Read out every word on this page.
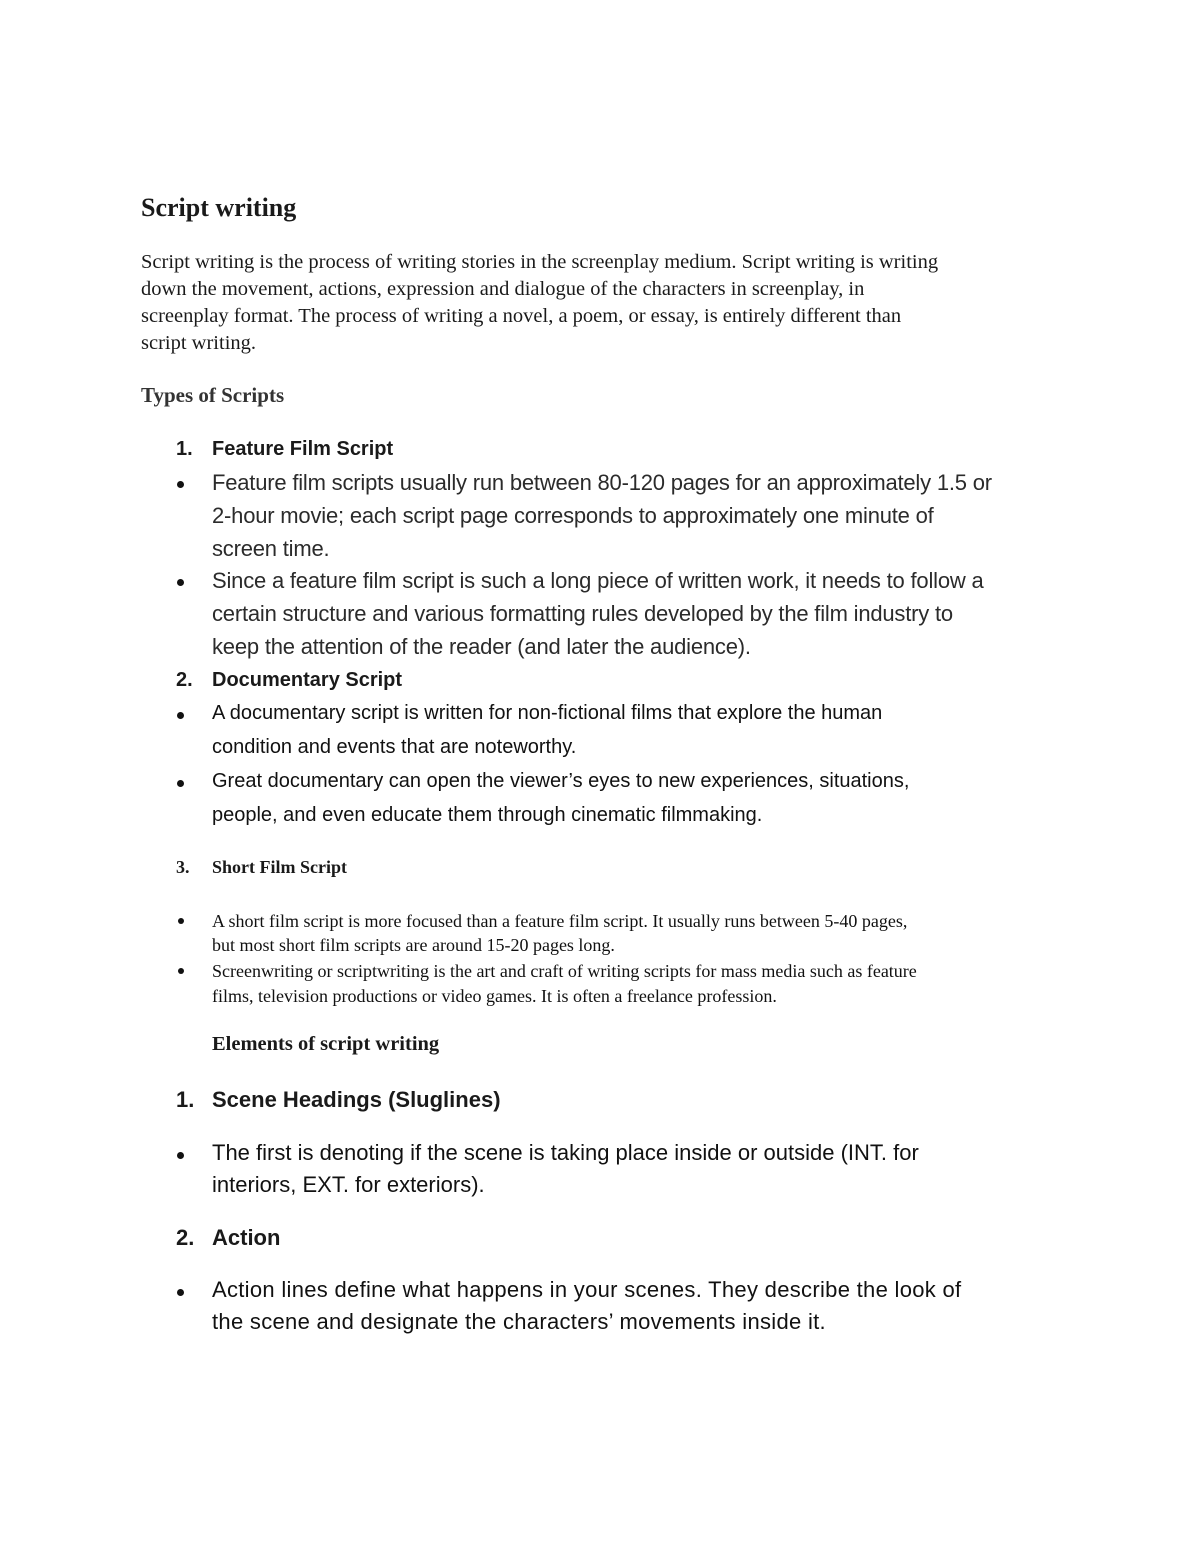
Script writing

Script writing is the process of writing stories in the screenplay medium. Script writing is writing

down the movement, actions, expression and dialogue of the characters in screenplay, in

screenplay format. The process of writing a novel, a poem, or essay, is entirely different than

script writing.

Types of Scripts
1. Feature Film Script

Feature film scripts usually run between 80-120 pages for an approximately 1.5 or

2-hour movie; each script page corresponds to approximately one minute of

screen time.

Since a feature film script is such a long piece of written work, it needs to follow a

certain structure and various formatting rules developed by the film industry to

keep the attention of the reader (and later the audience).

2. Documentary Script

A documentary script is written for non-fictional films that explore the human

condition and events that are noteworthy.

Great documentary can open the viewer’s eyes to new experiences, situations,

people, and even educate them through cinematic filmmaking.

3. Short Film Script

A short film script is more focused than a feature film script. It usually runs between 5-40 pages,

but most short film scripts are around 15-20 pages long.

Screenwriting or scriptwriting is the art and craft of writing scripts for mass media such as feature

films, television productions or video games. It is often a freelance profession.

Elements of script writing
1. Scene Headings (Sluglines)

The first is denoting if the scene is taking place inside or outside (INT. for

interiors, EXT. for exteriors).

2. Action

Action lines define what happens in your scenes. They describe the look of

the scene and designate the characters’ movements inside it.
